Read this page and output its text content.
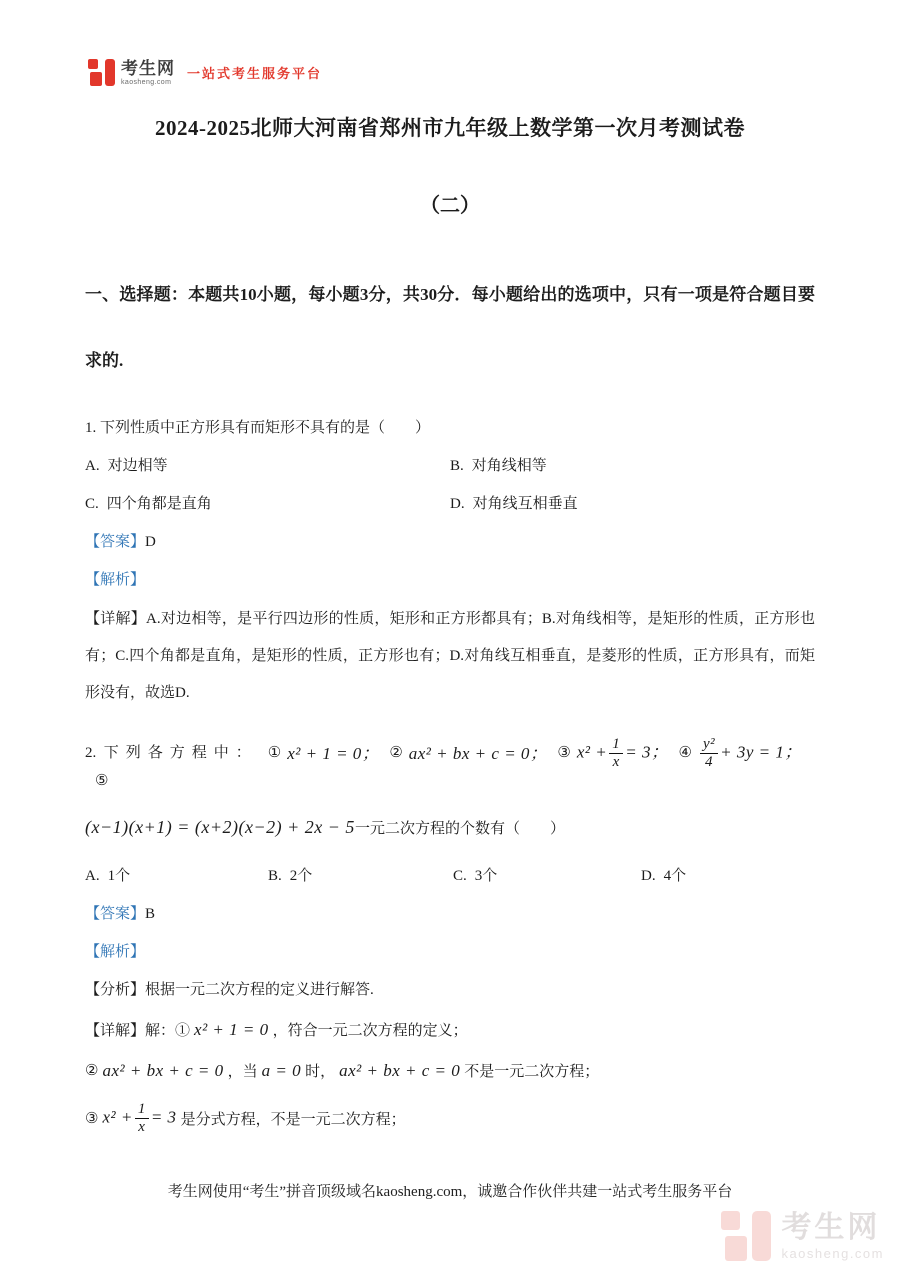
考生网
kaosheng.com
一站式考生服务平台
2024-2025北师大河南省郑州市九年级上数学第一次月考测试卷
（二）
一、选择题：本题共10小题，每小题3分，共30分．每小题给出的选项中，只有一项是符合题目要求的.
1. 下列性质中正方形具有而矩形不具有的是（　　）
A. 对边相等	B. 对角线相等
C. 四个角都是直角	D. 对角线互相垂直
【答案】D
【解析】
【详解】A.对边相等，是平行四边形的性质，矩形和正方形都具有；B.对角线相等，是矩形的性质，正方形也有；C.四个角都是直角，是矩形的性质，正方形也有；D.对角线互相垂直，是菱形的性质，正方形具有，而矩形没有，故选D.
2.
下列各方程中： ① x² + 1 = 0； ② ax² + bx + c = 0； ③ $x^2 + \frac{1}{x} = 3$； ④ $\frac{\text{y²}}{4} + 3y = 1$；
⑤
(x−1)(x+1) = (x+2)(x−2) + 2x − 5 一元二次方程的个数有（　　）
A. 1个	B. 2个	C. 3个	D. 4个
【答案】B
【解析】
【分析】根据一元二次方程的定义进行解答.
【详解】 解：① x² + 1 = 0 ，符合一元二次方程的定义；
② ax² + bx + c = 0 ，当 a = 0 时， ax² + bx + c = 0 不是一元二次方程；
③ $x^2 + \frac{1}{x} = 3$ 是分式方程，不是一元二次方程；
考生网使用“考生”拼音顶级域名kaosheng.com，诚邀合作伙伴共建一站式考生服务平台
考生网
kaosheng.com
